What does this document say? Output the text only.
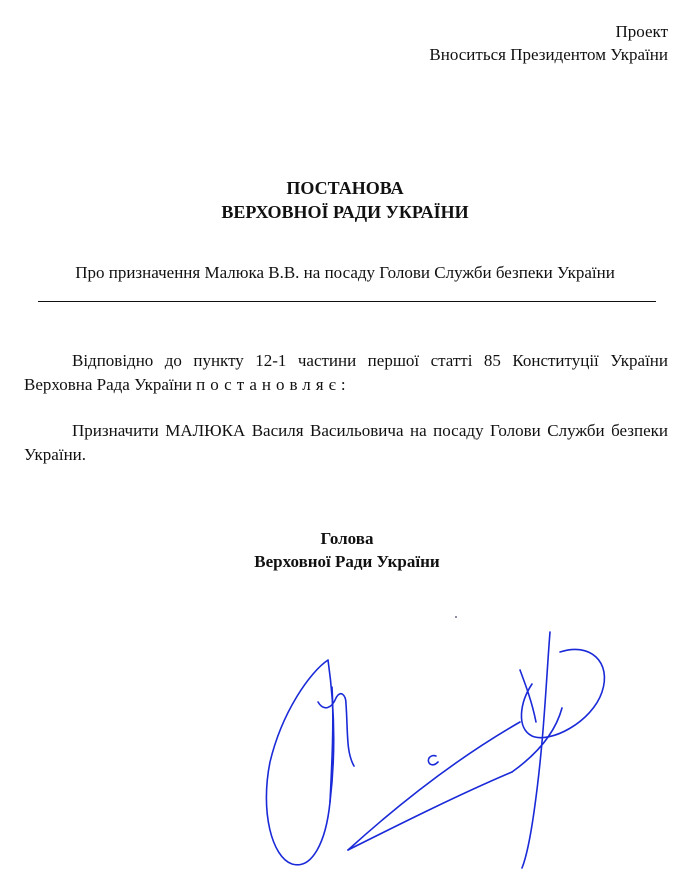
Проект
Вноситься Президентом України
ПОСТАНОВА
ВЕРХОВНОЇ РАДИ УКРАЇНИ
Про призначення Малюка В.В. на посаду Голови Служби безпеки України
Відповідно до пункту 12-1 частини першої статті 85 Конституції України Верховна Рада України постановляє:
Призначити МАЛЮКА Василя Васильовича на посаду Голови Служби безпеки України.
Голова
Верховної Ради України
